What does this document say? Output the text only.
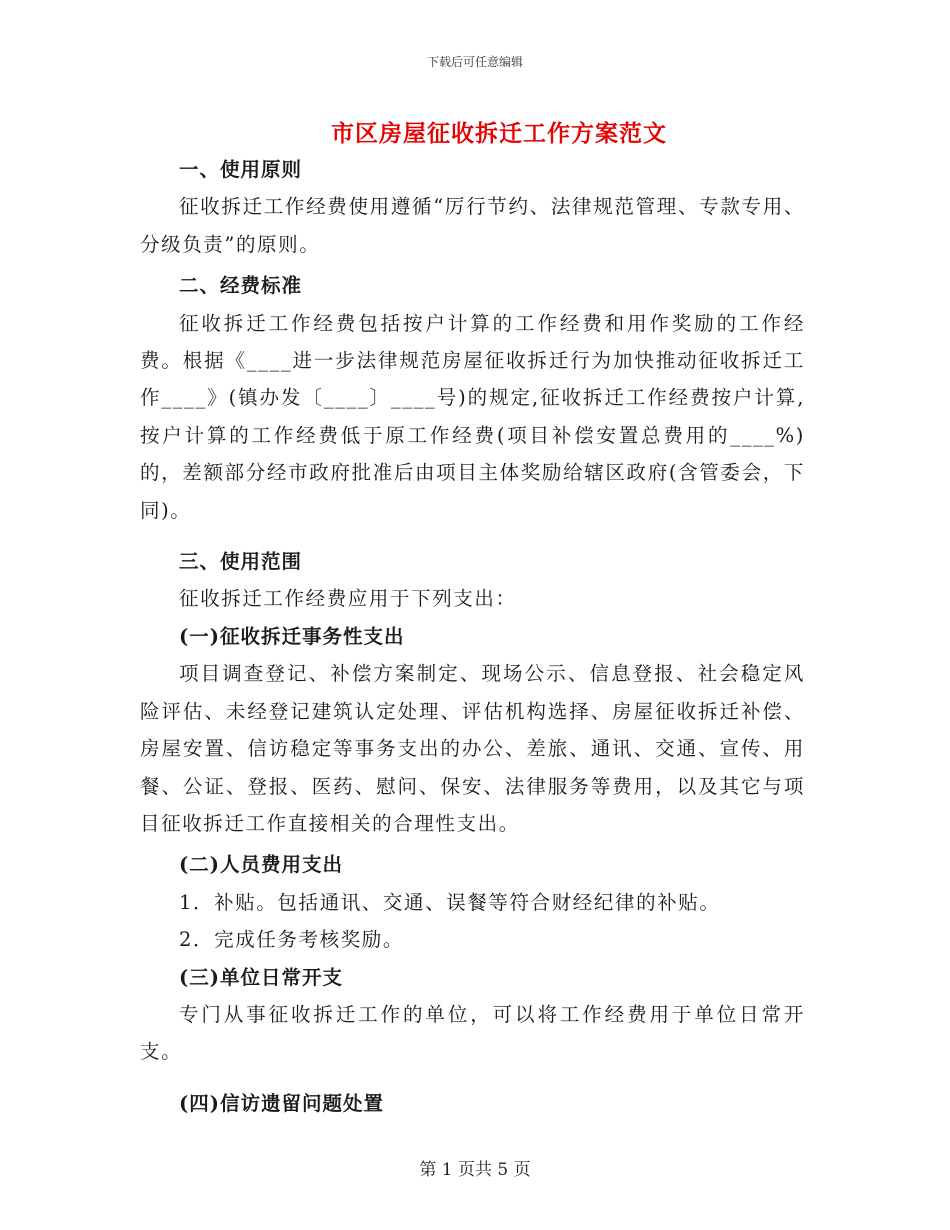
下载后可任意编辑
市区房屋征收拆迁工作方案范文

一、使用原则

征收拆迁工作经费使用遵循“厉行节约、法律规范管理、专款专用、分级负责”的原则。

二、经费标准

征收拆迁工作经费包括按户计算的工作经费和用作奖励的工作经费。根据《____进一步法律规范房屋征收拆迁行为加快推动征收拆迁工作____》(镇办发〔____〕____号)的规定,征收拆迁工作经费按户计算,按户计算的工作经费低于原工作经费(项目补偿安置总费用的____%)的，差额部分经市政府批准后由项目主体奖励给辖区政府(含管委会，下同)。

三、使用范围

征收拆迁工作经费应用于下列支出：

(一)征收拆迁事务性支出

项目调查登记、补偿方案制定、现场公示、信息登报、社会稳定风险评估、未经登记建筑认定处理、评估机构选择、房屋征收拆迁补偿、房屋安置、信访稳定等事务支出的办公、差旅、通讯、交通、宣传、用餐、公证、登报、医药、慰问、保安、法律服务等费用，以及其它与项目征收拆迁工作直接相关的合理性支出。

(二)人员费用支出

1．补贴。包括通讯、交通、误餐等符合财经纪律的补贴。

2．完成任务考核奖励。

(三)单位日常开支

专门从事征收拆迁工作的单位，可以将工作经费用于单位日常开支。

(四)信访遗留问题处置

第 1 页共 5 页
